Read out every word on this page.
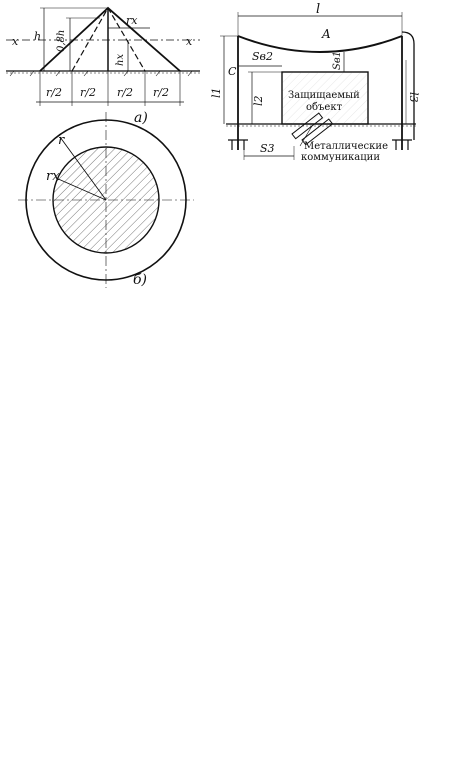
x	x
h 0,8h
hx
rx
r/2 r/2 r/2 r/2
а)
r
rx
б)
Защищаемый
объект
Металлические
коммуникации
l
A
C
Sв2	Sв1
l1
l2	l3
S3
